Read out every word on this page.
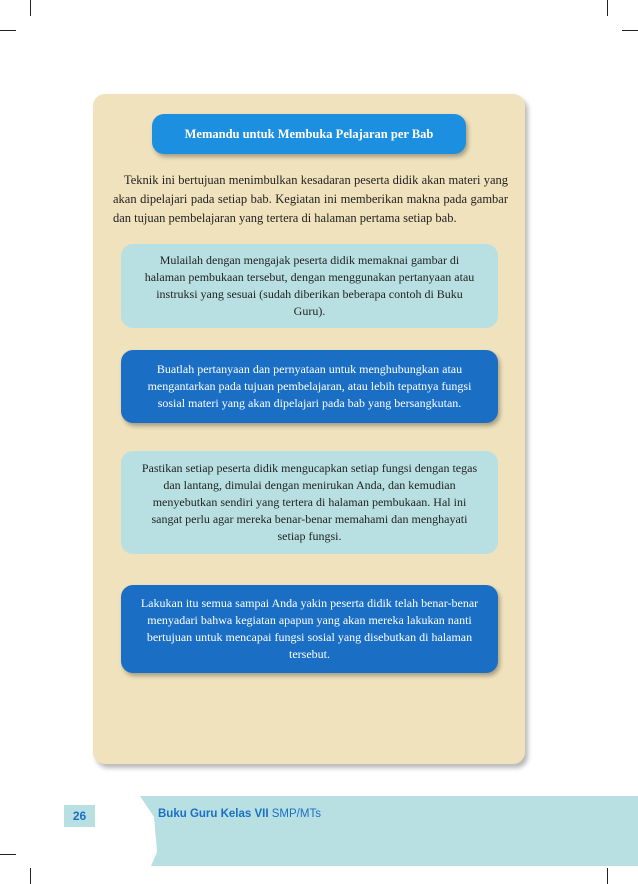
Memandu untuk Membuka Pelajaran per Bab
Teknik ini bertujuan menimbulkan kesadaran peserta didik akan materi yang akan dipelajari pada setiap bab. Kegiatan ini memberikan makna pada gambar dan tujuan pembelajaran yang tertera di halaman pertama setiap bab.
Mulailah dengan mengajak peserta didik memaknai gambar di halaman pembukaan tersebut, dengan menggunakan pertanyaan atau instruksi yang sesuai (sudah diberikan beberapa contoh di Buku Guru).
Buatlah pertanyaan dan pernyataan untuk menghubungkan atau mengantarkan pada tujuan pembelajaran, atau lebih tepatnya fungsi sosial materi yang akan dipelajari pada bab yang bersangkutan.
Pastikan setiap peserta didik mengucapkan setiap fungsi dengan tegas dan lantang, dimulai dengan menirukan Anda, dan kemudian menyebutkan sendiri yang tertera di halaman pembukaan. Hal ini sangat perlu agar mereka benar-benar memahami dan menghayati setiap fungsi.
Lakukan itu semua sampai Anda yakin peserta didik telah benar-benar menyadari bahwa kegiatan apapun yang akan mereka lakukan nanti bertujuan untuk mencapai fungsi sosial yang disebutkan di halaman tersebut.
26	Buku Guru Kelas VII SMP/MTs
